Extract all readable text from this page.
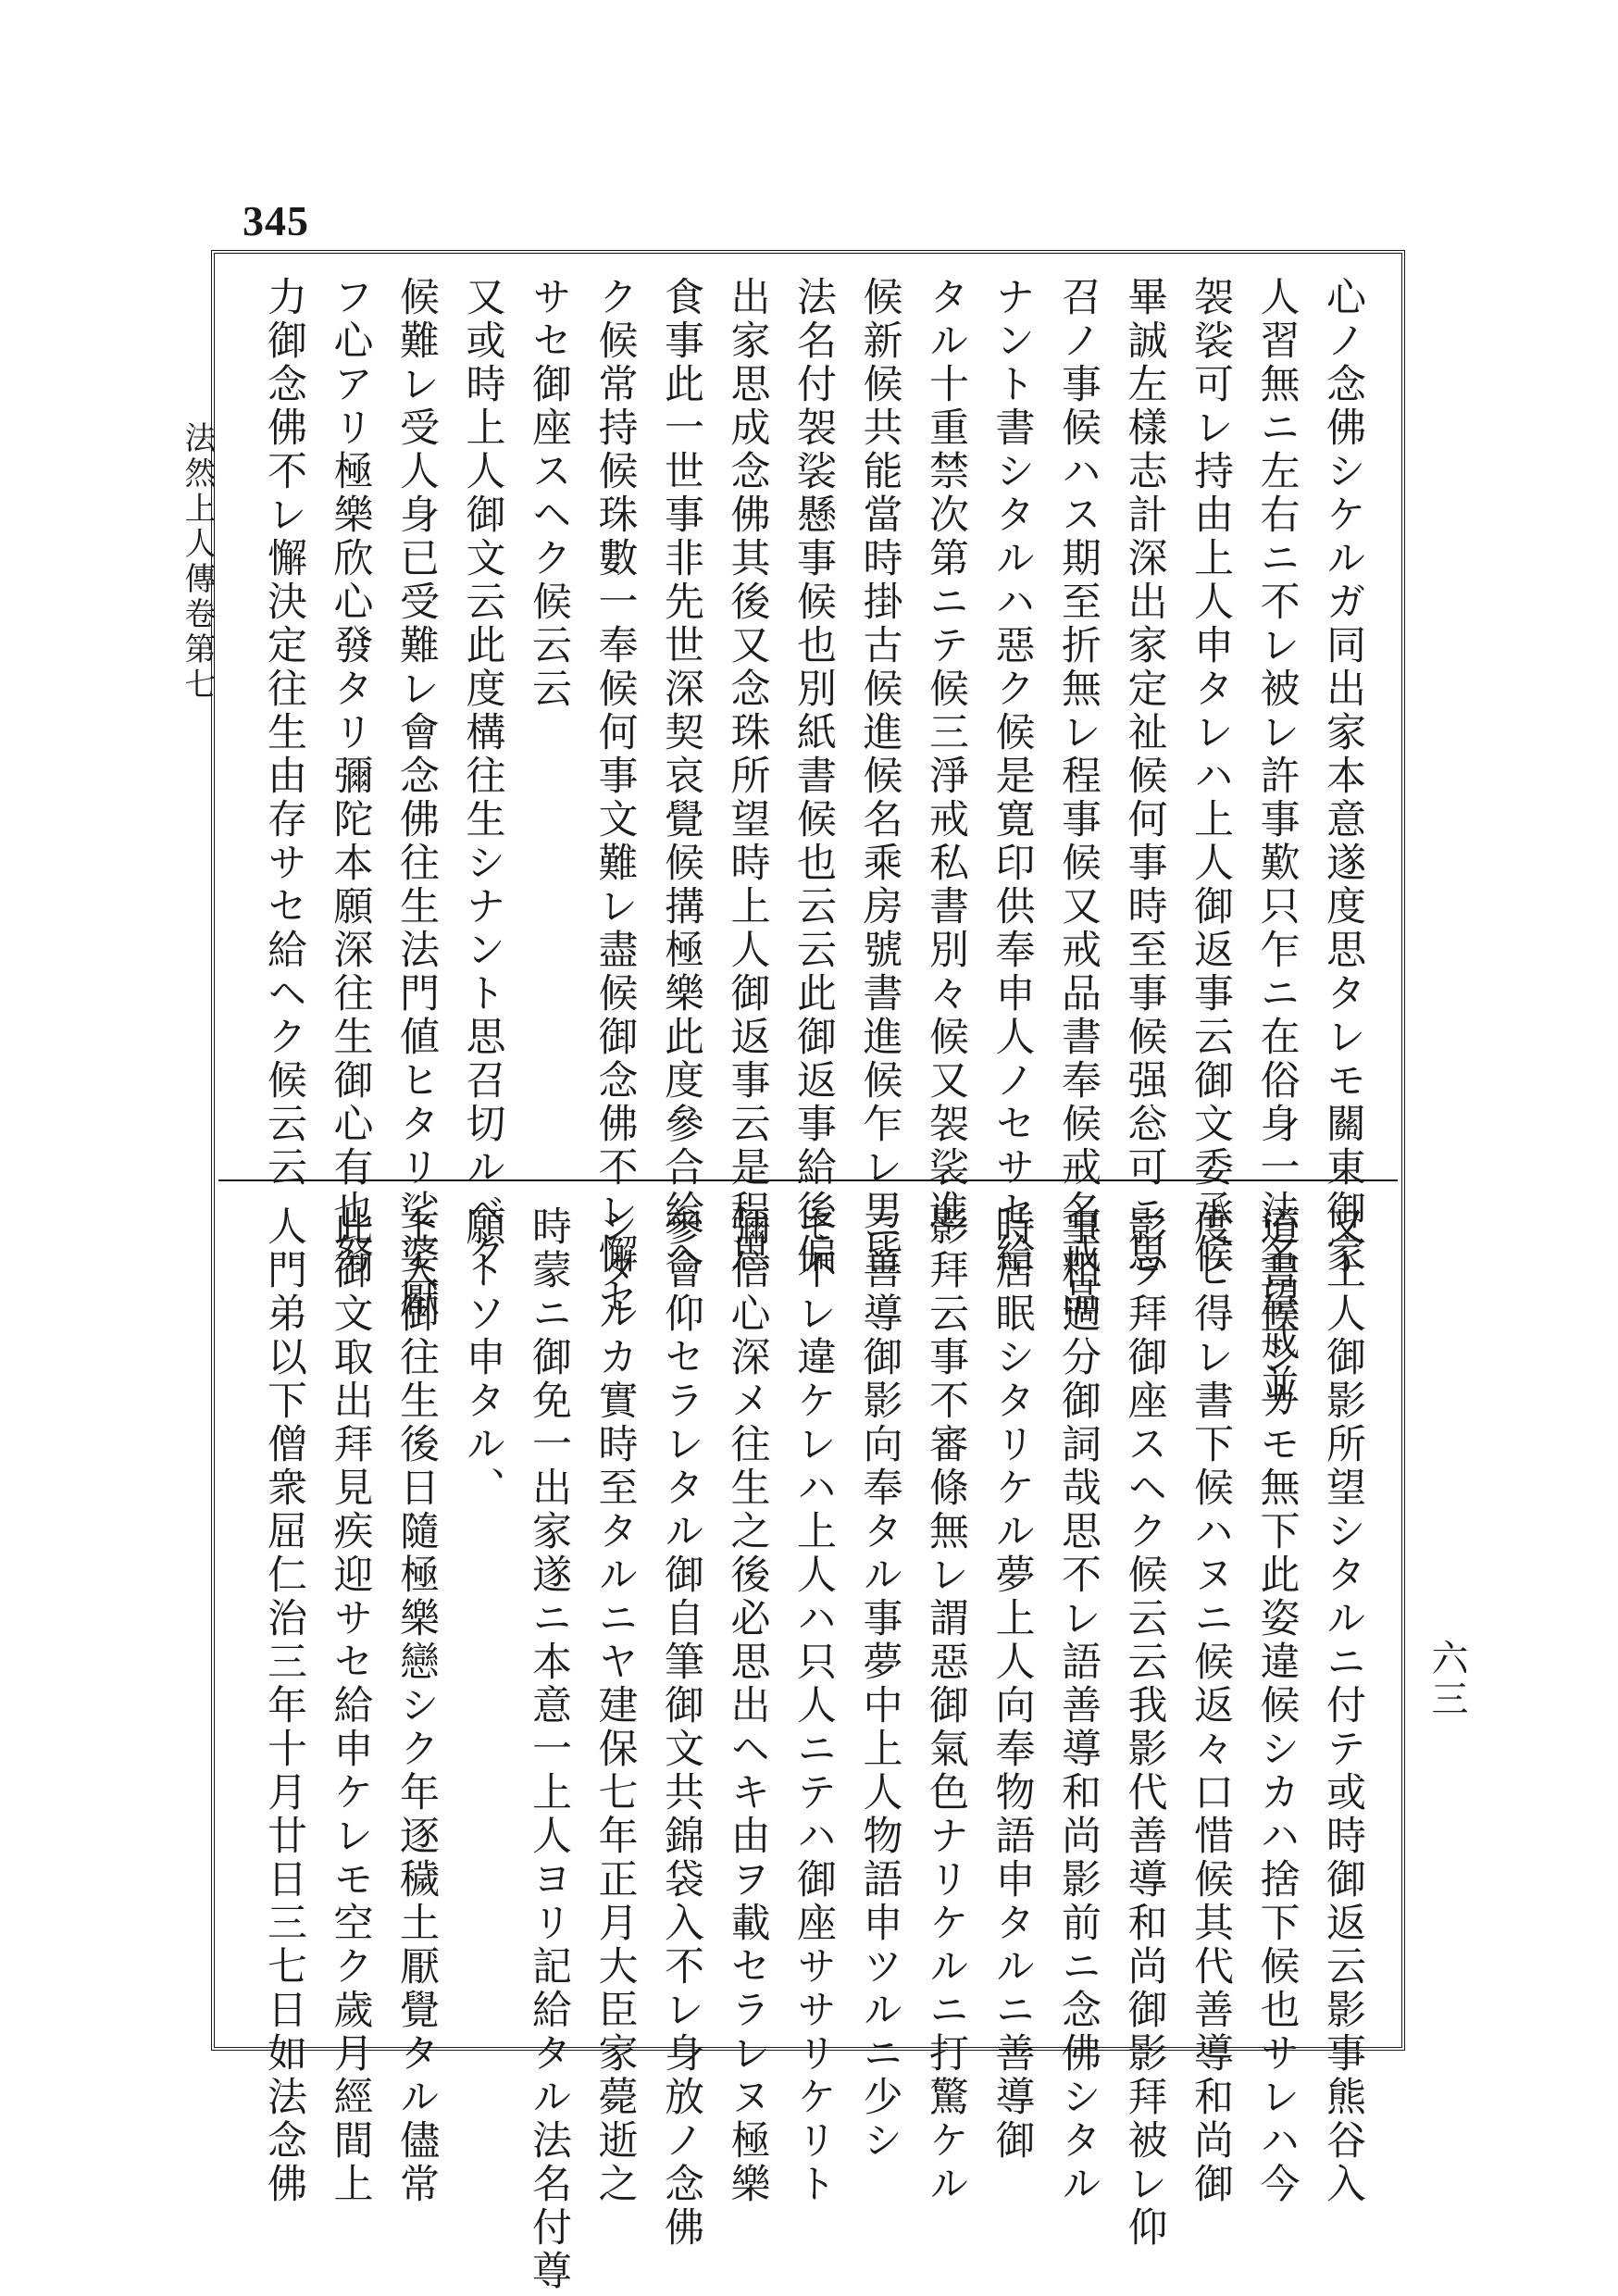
345
法然上人傳卷第七
六三
心ノ念佛シケルガ同出家本意遂度思タレモ關東御家
人習無ニ左右ニ不レ被レ許事歎只乍ニ在俗身一法名望戒並
袈裟可レ持由上人申タレハ上人御返事云御文委承候
畢誠左樣志計深出家定祉候何事時至事候强忩可ニ思
召ノ事候ハス期至折無レ程事候又戒品書奉候戒名戒品
ナント書シタルハ惡ク候是寛印供奉申人ノセサセ給
タル十重禁次第ニテ候三淨戒私書別々候又袈裟進
候新候共能當時掛古候進候名乘房號書進候乍レ男皆
法名付袈裟懸事候也別紙書候也云云此御返事給後偏
出家思成念佛其後又念珠所望時上人御返事云是程思
食事此一世事非先世深契哀覺候搆極樂此度參合給ヘ
ク候常持候珠數一奉候何事文難レ盡候御念佛不レ懈セ
サセ御座スヘク候云云
又或時上人御文云此度構往生シナント思召切ルベク
候難レ受人身已受難レ會念佛往生法門値ヒタリ娑婆厭
フ心アリ極樂欣心發タリ彌陀本願深往生御心有也努
力御念佛不レ懈決定往生由存サセ給ヘク候云云
又上人御影所望シタルニ付テ或時御返云影事熊谷入
道書候シカモ無下此姿違候シカハ捨下候也サレハ今
度ヒ得レ書下候ハヌニ候返々口惜候其代善導和尚御
影ヲ拜御座スヘク候云云我影代善導和尚御影拜被レ仰
事粗過分御詞哉思不レ語善導和尚影前ニ念佛シタル
時居眠シタリケル夢上人向奉物語申タルニ善導御
影拜云事不審條無レ謂惡御氣色ナリケルニ打驚ケル
ニ善導御影向奉タル事夢中上人物語申ツルニ少シ
モ不レ違ケレハ上人ハ只人ニテハ御座ササリケリト
彌信心深メ往生之後必思出ヘキ由ヲ載セラレヌ極樂
參會仰セラレタル御自筆御文共錦袋入不レ身放ノ念佛
シタルカ實時至タルニヤ建保七年正月大臣家薨逝之
時蒙ニ御免一出家遂ニ本意一上人ヨリ記給タル法名付尊
願トソ申タル、
上人御往生後日隨極樂戀シク年逐穢土厭覺タル儘常
此御文取出拜見疾迎サセ給申ケレモ空ク歲月經間上
人門弟以下僧衆屈仁治三年十月廿日三七日如法念佛
